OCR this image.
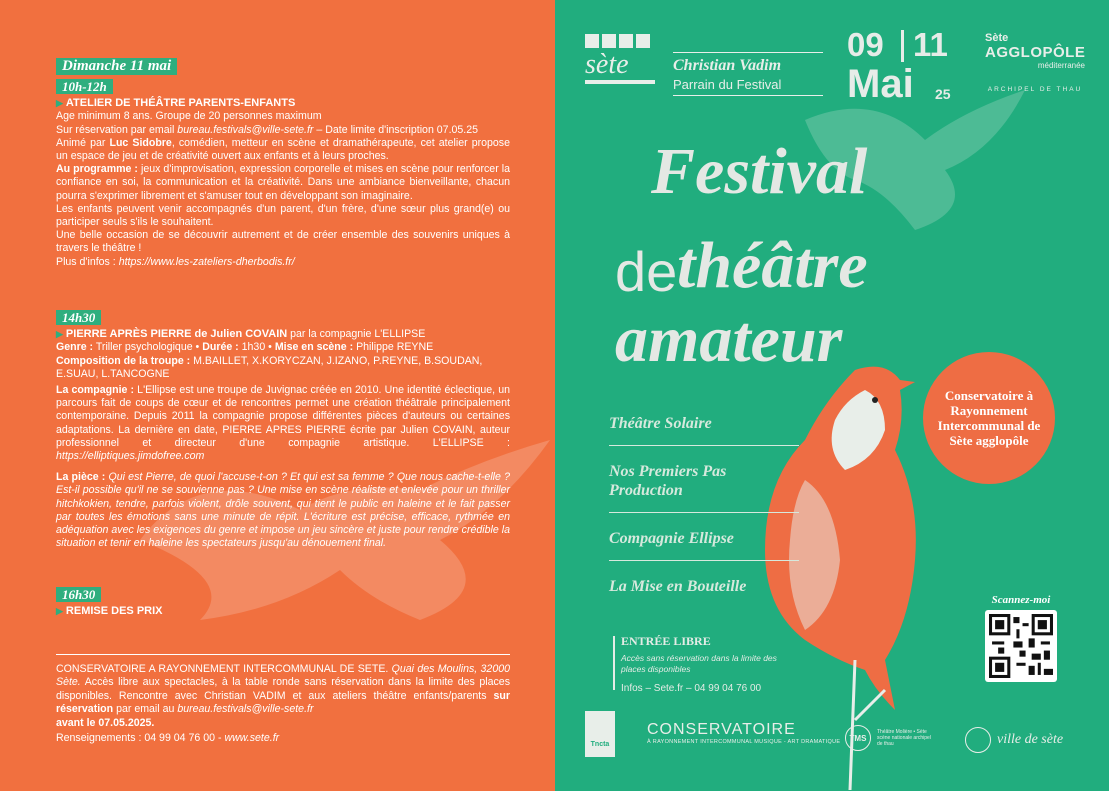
Dimanche 11 mai
10h-12h
▶ ATELIER DE THÉÂTRE PARENTS-ENFANTS
Age minimum 8 ans. Groupe de 20 personnes maximum
Sur réservation par email bureau.festivals@ville-sete.fr – Date limite d'inscription 07.05.25
Animé par Luc Sidobre, comédien, metteur en scène et dramathérapeute, cet atelier propose un espace de jeu et de créativité ouvert aux enfants et à leurs proches.
Au programme : jeux d'improvisation, expression corporelle et mises en scène pour renforcer la confiance en soi, la communication et la créativité. Dans une ambiance bienveillante, chacun pourra s'exprimer librement et s'amuser tout en développant son imaginaire.
Les enfants peuvent venir accompagnés d'un parent, d'un frère, d'une sœur plus grand(e) ou participer seuls s'ils le souhaitent.
Une belle occasion de se découvrir autrement et de créer ensemble des souvenirs uniques à travers le théâtre !
Plus d'infos : https://www.les-zateliers-dherbodis.fr/
14h30
▶ PIERRE APRÈS PIERRE de Julien COVAIN par la compagnie L'ELLIPSE
Genre : Triller psychologique • Durée : 1h30 • Mise en scène : Philippe REYNE
Composition de la troupe : M.BAILLET, X.KORYCZAN, J.IZANO, P.REYNE, B.SOUDAN, E.SUAU, L.TANCOGNE
La compagnie : L'Ellipse est une troupe de Juvignac créée en 2010. Une identité éclectique, un parcours fait de coups de cœur et de rencontres permet une création théâtrale principalement contemporaine. Depuis 2011 la compagnie propose différentes pièces d'auteurs ou certaines adaptations. La dernière en date, PIERRE APRES PIERRE écrite par Julien COVAIN, auteur professionnel et directeur d'une compagnie artistique. L'ELLIPSE : https://elliptiques.jimdofree.com
La pièce : Qui est Pierre, de quoi l'accuse-t-on ? Et qui est sa femme ? Que nous cache-t-elle ? Est-il possible qu'il ne se souvienne pas ? Une mise en scène réaliste et enlevée pour un thriller hitchkokien, tendre, parfois violent, drôle souvent, qui tient le public en haleine et le fait passer par toutes les émotions sans une minute de répit. L'écriture est précise, efficace, rythmée en adéquation avec les exigences du genre et impose un jeu sincère et juste pour rendre crédible la situation et tenir en haleine les spectateurs jusqu'au dénouement final.
16h30
▶ REMISE DES PRIX
CONSERVATOIRE A RAYONNEMENT INTERCOMMUNAL DE SETE. Quai des Moulins, 32000 Sète. Accès libre aux spectacles, à la table ronde sans réservation dans la limite des places disponibles. Rencontre avec Christian VADIM et aux ateliers théâtre enfants/parents sur réservation par email au bureau.festivals@ville-sete.fr
avant le 07.05.2025.
Renseignements : 04 99 04 76 00 - www.sete.fr
sète	Christian Vadim
Parrain du Festival
09 11
Mai 25
Sète
AGGLOPÔLE
méditerranée
ARCHIPEL DE THAU
Festival
de théâtre
amateur
Théâtre Solaire
Nos Premiers Pas Production
Compagnie Ellipse
La Mise en Bouteille
Conservatoire à Rayonnement Intercommunal de Sète agglopôle
ENTRÉE LIBRE
Accès sans réservation dans la limite des places disponibles
Infos – Sete.fr – 04 99 04 76 00
Scannez-moi
Tncta
CONSERVATOIRE
À RAYONNEMENT INTERCOMMUNAL MUSIQUE - ART DRAMATIQUE	TMS
Théâtre Molière • Sète scène nationale archipel de thau	ville de sète
